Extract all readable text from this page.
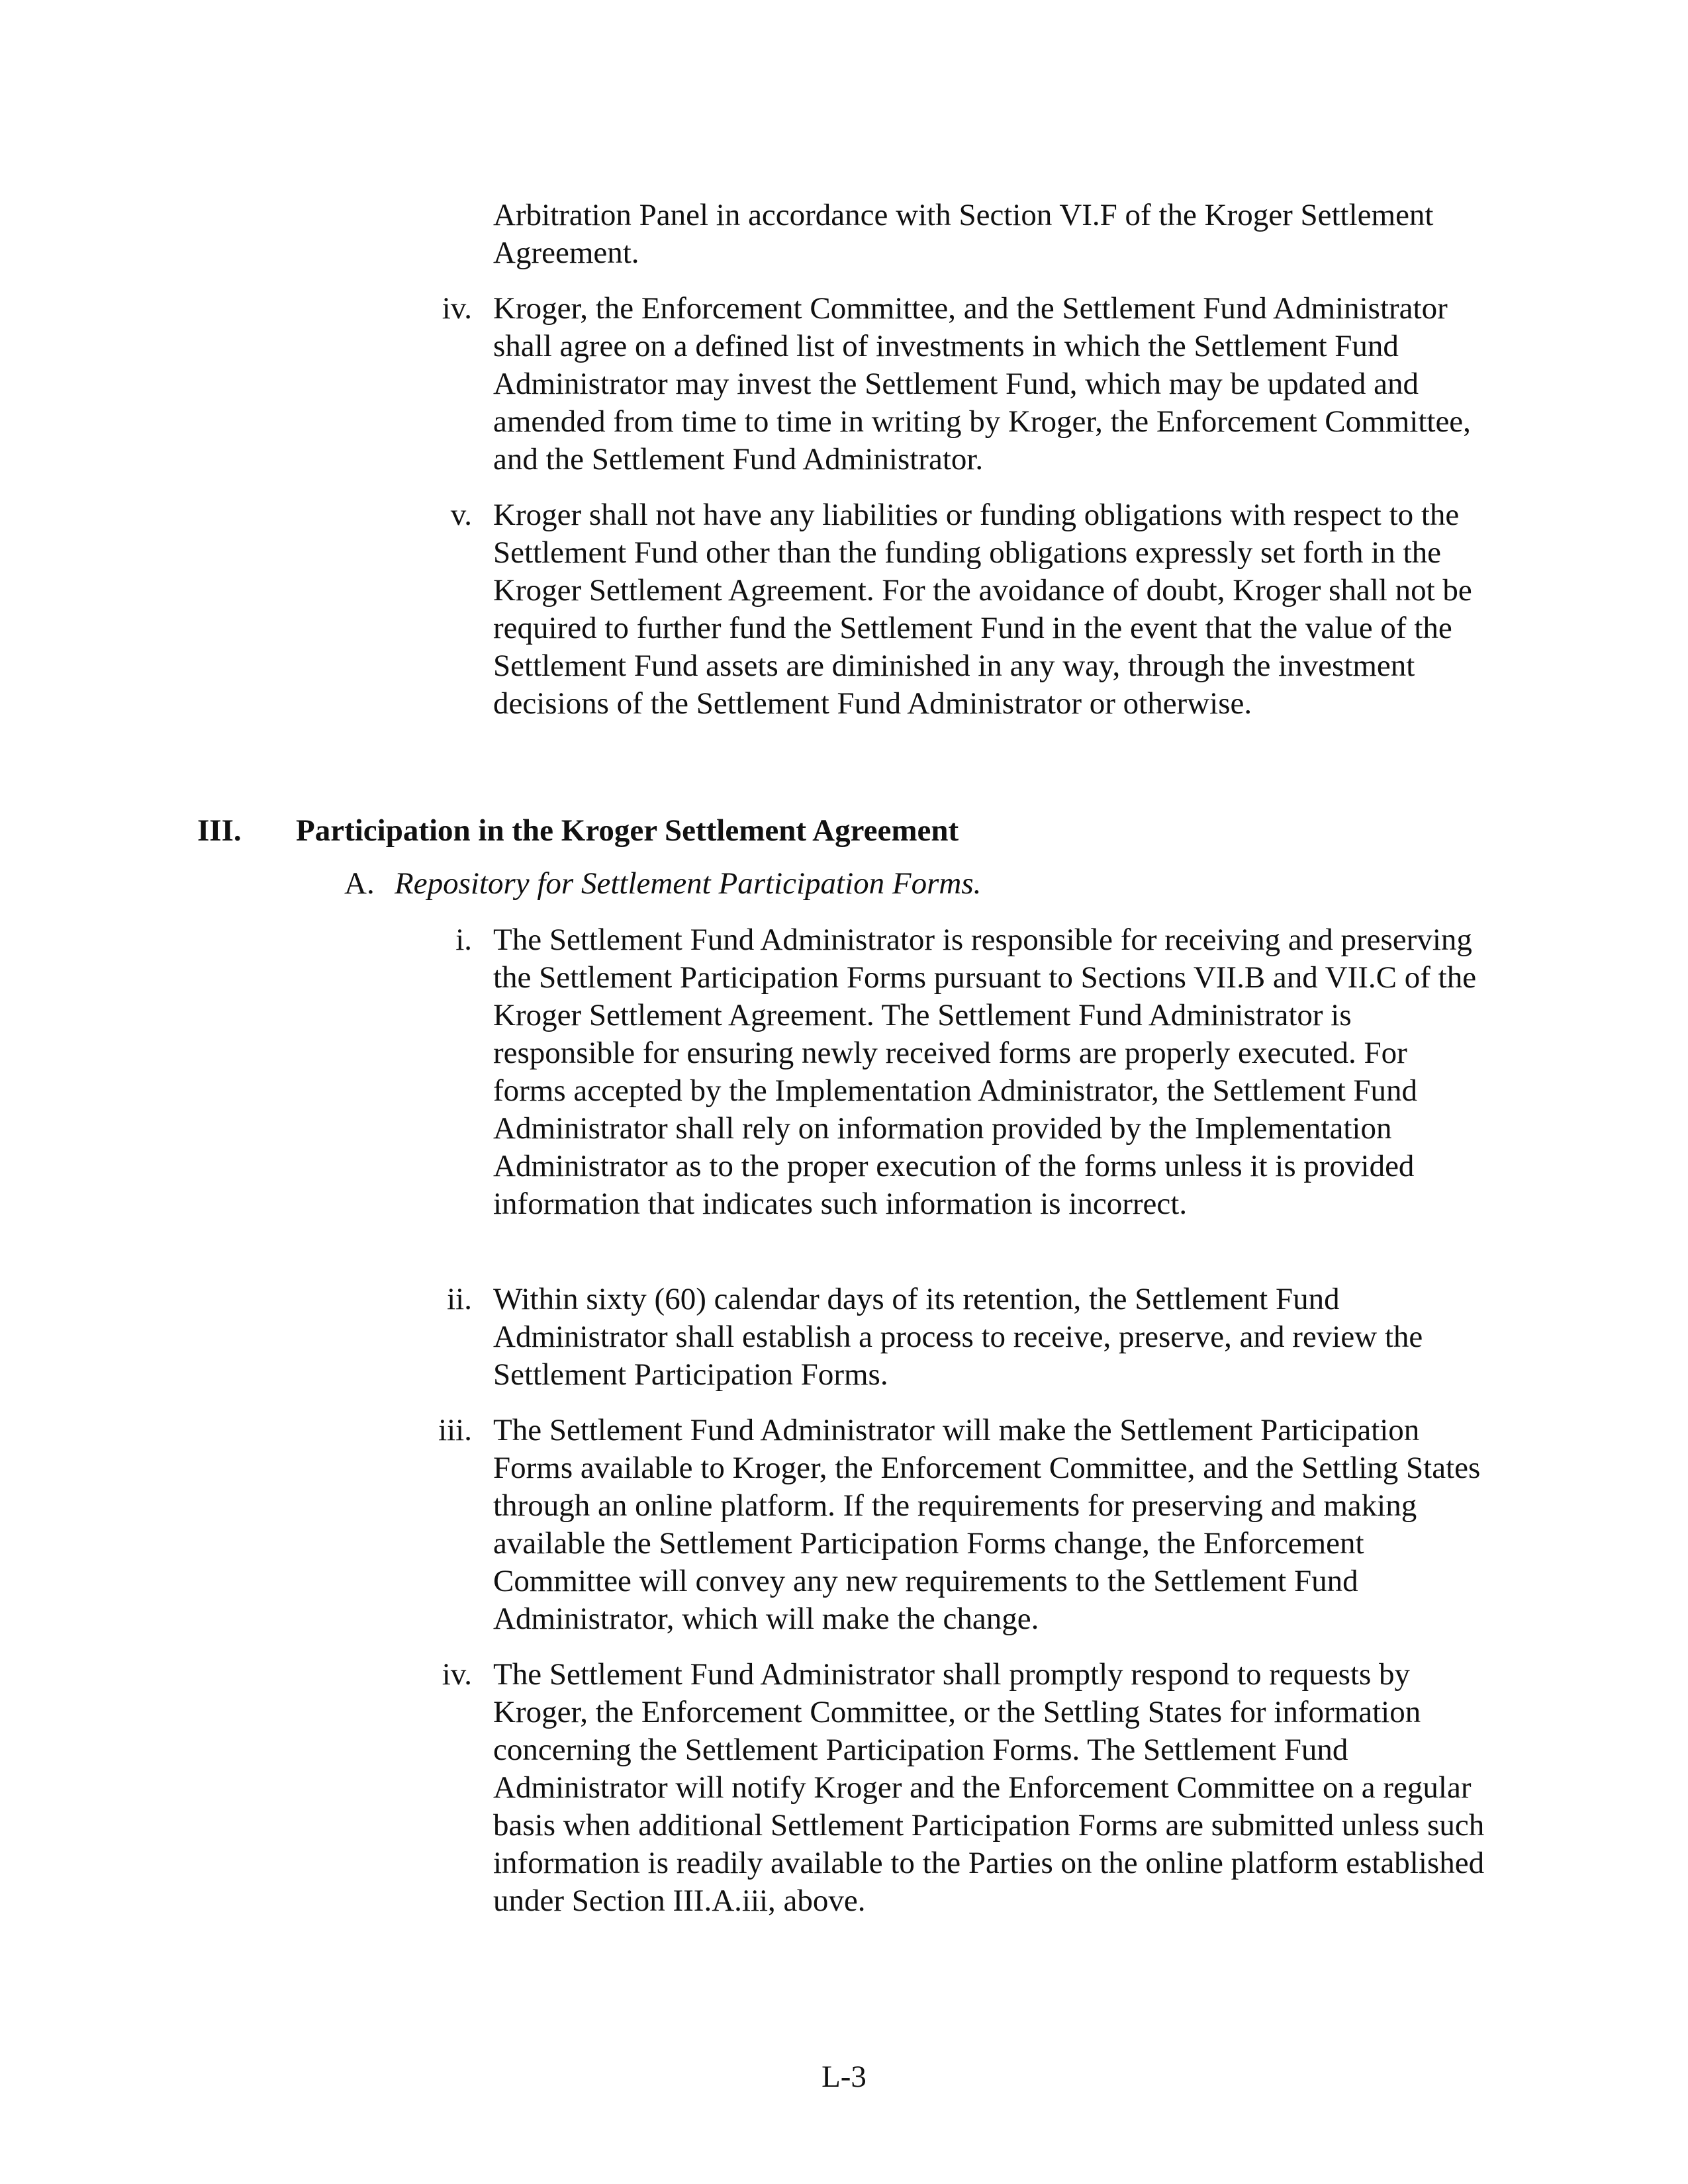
Arbitration Panel in accordance with Section VI.F of the Kroger Settlement Agreement.

iv. Kroger, the Enforcement Committee, and the Settlement Fund Administrator shall agree on a defined list of investments in which the Settlement Fund Administrator may invest the Settlement Fund, which may be updated and amended from time to time in writing by Kroger, the Enforcement Committee, and the Settlement Fund Administrator.
v. Kroger shall not have any liabilities or funding obligations with respect to the Settlement Fund other than the funding obligations expressly set forth in the Kroger Settlement Agreement. For the avoidance of doubt, Kroger shall not be required to further fund the Settlement Fund in the event that the value of the Settlement Fund assets are diminished in any way, through the investment decisions of the Settlement Fund Administrator or otherwise.
III. Participation in the Kroger Settlement Agreement
A. Repository for Settlement Participation Forms.
i. The Settlement Fund Administrator is responsible for receiving and preserving the Settlement Participation Forms pursuant to Sections VII.B and VII.C of the Kroger Settlement Agreement. The Settlement Fund Administrator is responsible for ensuring newly received forms are properly executed. For forms accepted by the Implementation Administrator, the Settlement Fund Administrator shall rely on information provided by the Implementation Administrator as to the proper execution of the forms unless it is provided information that indicates such information is incorrect.
ii. Within sixty (60) calendar days of its retention, the Settlement Fund Administrator shall establish a process to receive, preserve, and review the Settlement Participation Forms.
iii. The Settlement Fund Administrator will make the Settlement Participation Forms available to Kroger, the Enforcement Committee, and the Settling States through an online platform. If the requirements for preserving and making available the Settlement Participation Forms change, the Enforcement Committee will convey any new requirements to the Settlement Fund Administrator, which will make the change.
iv. The Settlement Fund Administrator shall promptly respond to requests by Kroger, the Enforcement Committee, or the Settling States for information concerning the Settlement Participation Forms. The Settlement Fund Administrator will notify Kroger and the Enforcement Committee on a regular basis when additional Settlement Participation Forms are submitted unless such information is readily available to the Parties on the online platform established under Section III.A.iii, above.
L-3
